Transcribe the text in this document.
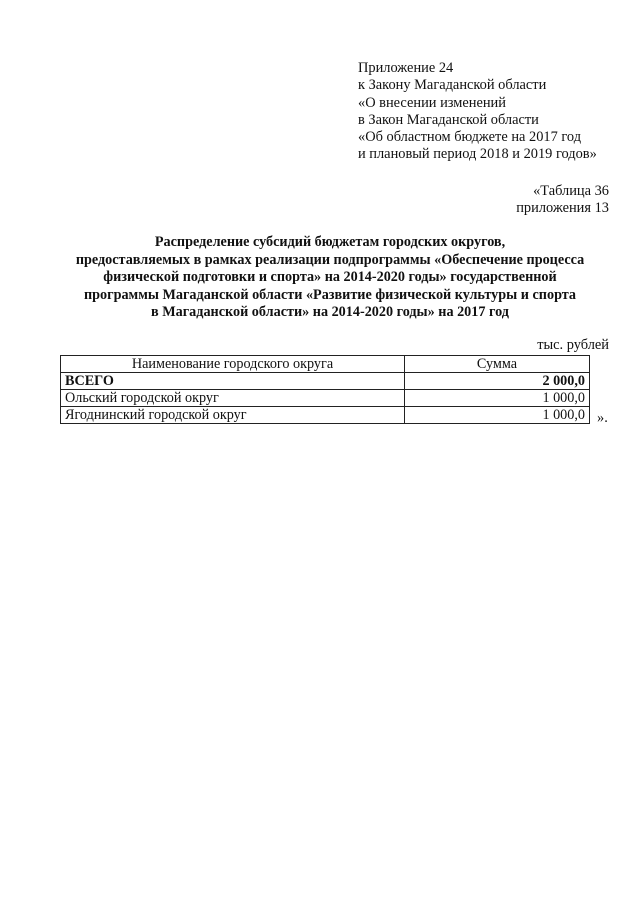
Приложение 24
к Закону Магаданской области
«О внесении изменений
в Закон Магаданской области
«Об областном бюджете на 2017 год
и плановый период 2018 и 2019 годов»
«Таблица 36
приложения 13
Распределение субсидий бюджетам городских округов,
предоставляемых в рамках реализации подпрограммы «Обеспечение процесса
физической подготовки и спорта» на 2014-2020 годы» государственной
программы Магаданской области «Развитие физической культуры и спорта
в Магаданской области» на 2014-2020 годы» на 2017 год
тыс. рублей
Наименование городского округа	Сумма
ВСЕГО	2 000,0
Ольский городской округ	1 000,0
Ягоднинский городской округ	1 000,0 ».
